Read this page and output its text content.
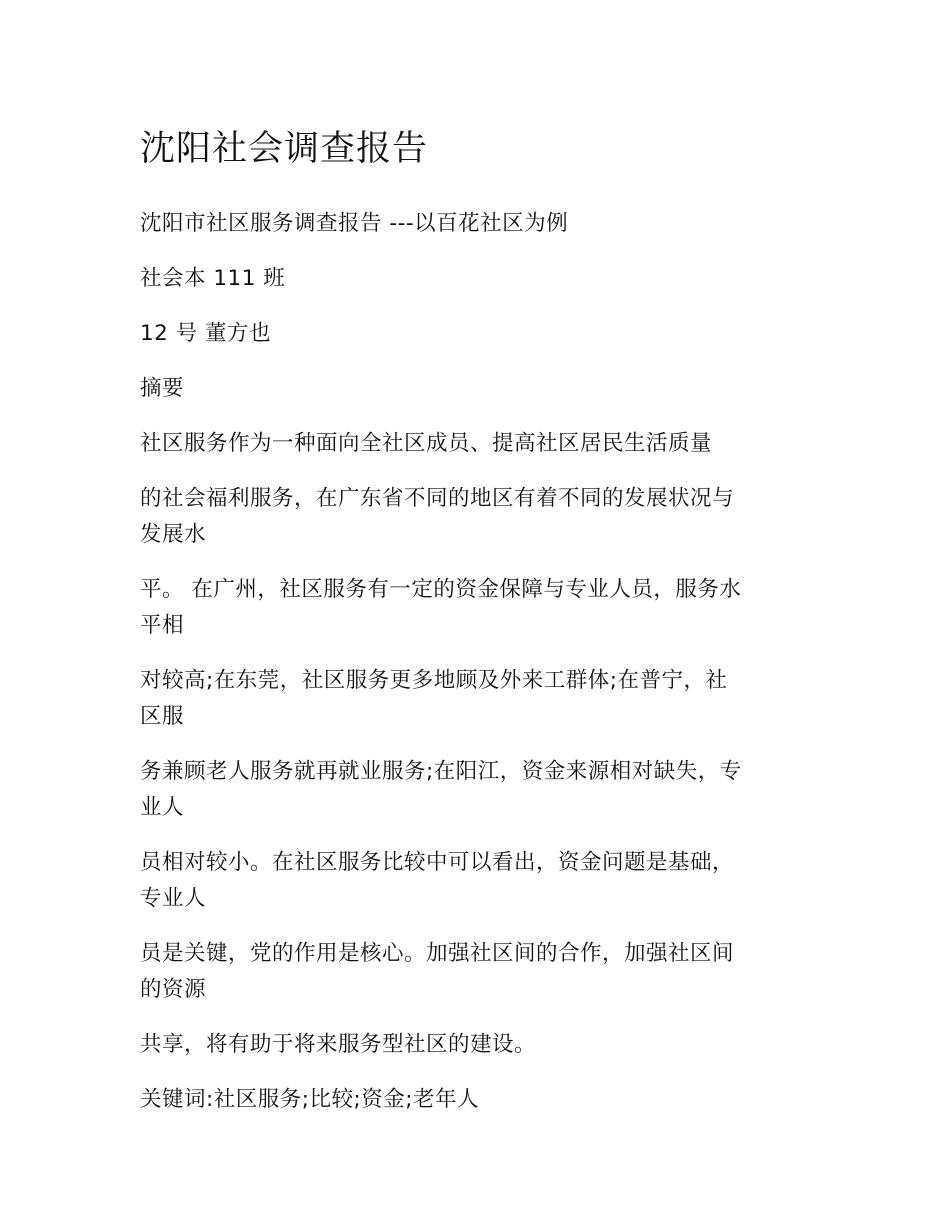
沈阳社会调查报告

沈阳市社区服务调查报告 ---以百花社区为例

社会本 111 班

12 号 董方也

摘要

社区服务作为一种面向全社区成员、提高社区居民生活质量

的社会福利服务，在广东省不同的地区有着不同的发展状况与
发展水

平。 在广州，社区服务有一定的资金保障与专业人员，服务水
平相

对较高;在东莞，社区服务更多地顾及外来工群体;在普宁，社
区服

务兼顾老人服务就再就业服务;在阳江，资金来源相对缺失，专
业人

员相对较小。在社区服务比较中可以看出，资金问题是基础，
专业人

员是关键，党的作用是核心。加强社区间的合作，加强社区间
的资源

共享，将有助于将来服务型社区的建设。

关键词:社区服务;比较;资金;老年人
